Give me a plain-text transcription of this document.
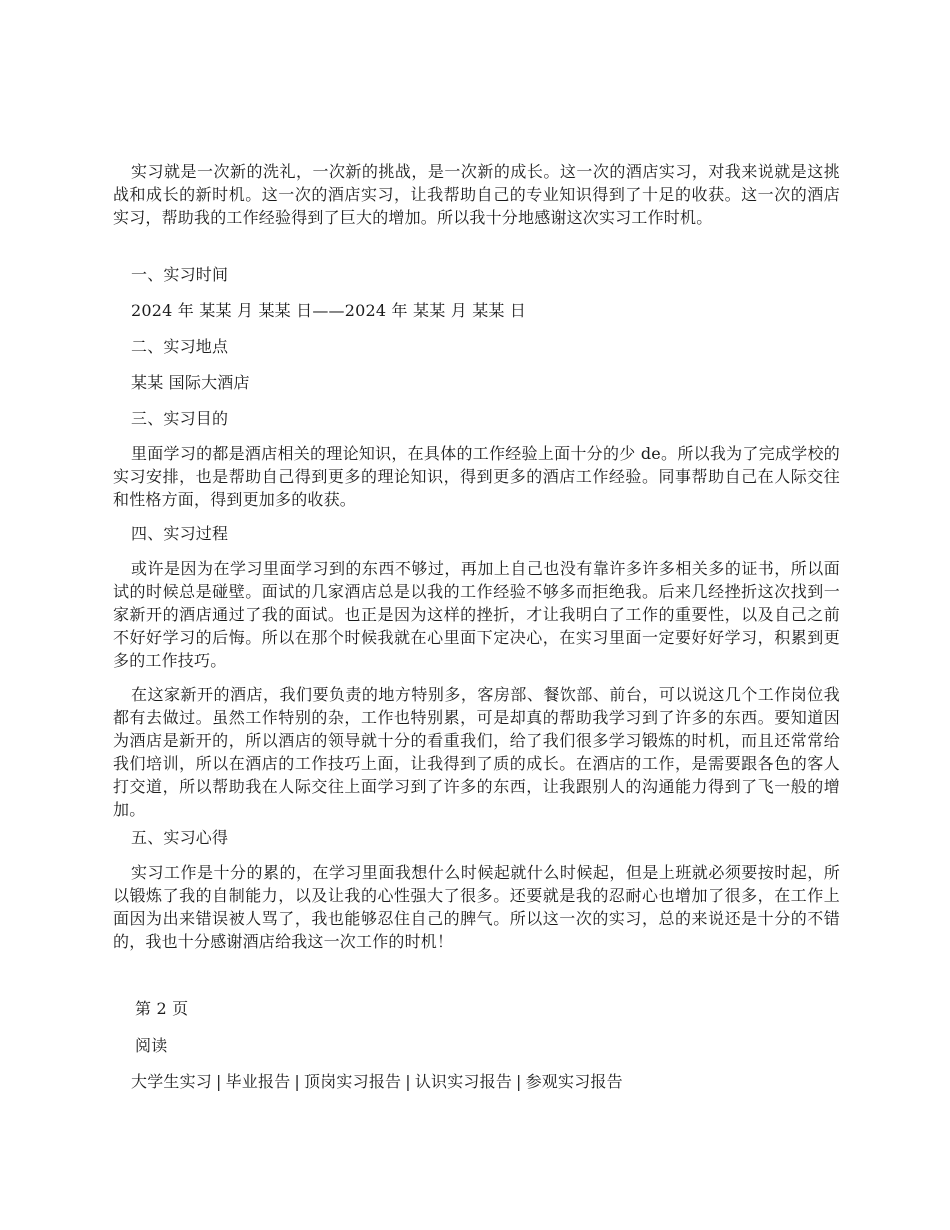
实习就是一次新的洗礼，一次新的挑战，是一次新的成长。这一次的酒店实习，对我来说就是这挑战和成长的新时机。这一次的酒店实习，让我帮助自己的专业知识得到了十足的收获。这一次的酒店实习，帮助我的工作经验得到了巨大的增加。所以我十分地感谢这次实习工作时机。

一、实习时间

2024 年 某某 月 某某 日——2024 年 某某 月 某某 日

二、实习地点

某某 国际大酒店

三、实习目的

里面学习的都是酒店相关的理论知识，在具体的工作经验上面十分的少 de。所以我为了完成学校的实习安排，也是帮助自己得到更多的理论知识，得到更多的酒店工作经验。同事帮助自己在人际交往和性格方面，得到更加多的收获。

四、实习过程

或许是因为在学习里面学习到的东西不够过，再加上自己也没有靠许多许多相关多的证书，所以面试的时候总是碰壁。面试的几家酒店总是以我的工作经验不够多而拒绝我。后来几经挫折这次找到一家新开的酒店通过了我的面试。也正是因为这样的挫折，才让我明白了工作的重要性，以及自己之前不好好学习的后悔。所以在那个时候我就在心里面下定决心，在实习里面一定要好好学习，积累到更多的工作技巧。

在这家新开的酒店，我们要负责的地方特别多，客房部、餐饮部、前台，可以说这几个工作岗位我都有去做过。虽然工作特别的杂，工作也特别累，可是却真的帮助我学习到了许多的东西。要知道因为酒店是新开的，所以酒店的领导就十分的看重我们，给了我们很多学习锻炼的时机，而且还常常给我们培训，所以在酒店的工作技巧上面，让我得到了质的成长。在酒店的工作，是需要跟各色的客人打交道，所以帮助我在人际交往上面学习到了许多的东西，让我跟别人的沟通能力得到了飞一般的增加。

五、实习心得

实习工作是十分的累的，在学习里面我想什么时候起就什么时候起，但是上班就必须要按时起，所以锻炼了我的自制能力，以及让我的心性强大了很多。还要就是我的忍耐心也增加了很多，在工作上面因为出来错误被人骂了，我也能够忍住自己的脾气。所以这一次的实习，总的来说还是十分的不错的，我也十分感谢酒店给我这一次工作的时机！

第 2 页

阅读

大学生实习 | 毕业报告 | 顶岗实习报告 | 认识实习报告 | 参观实习报告
